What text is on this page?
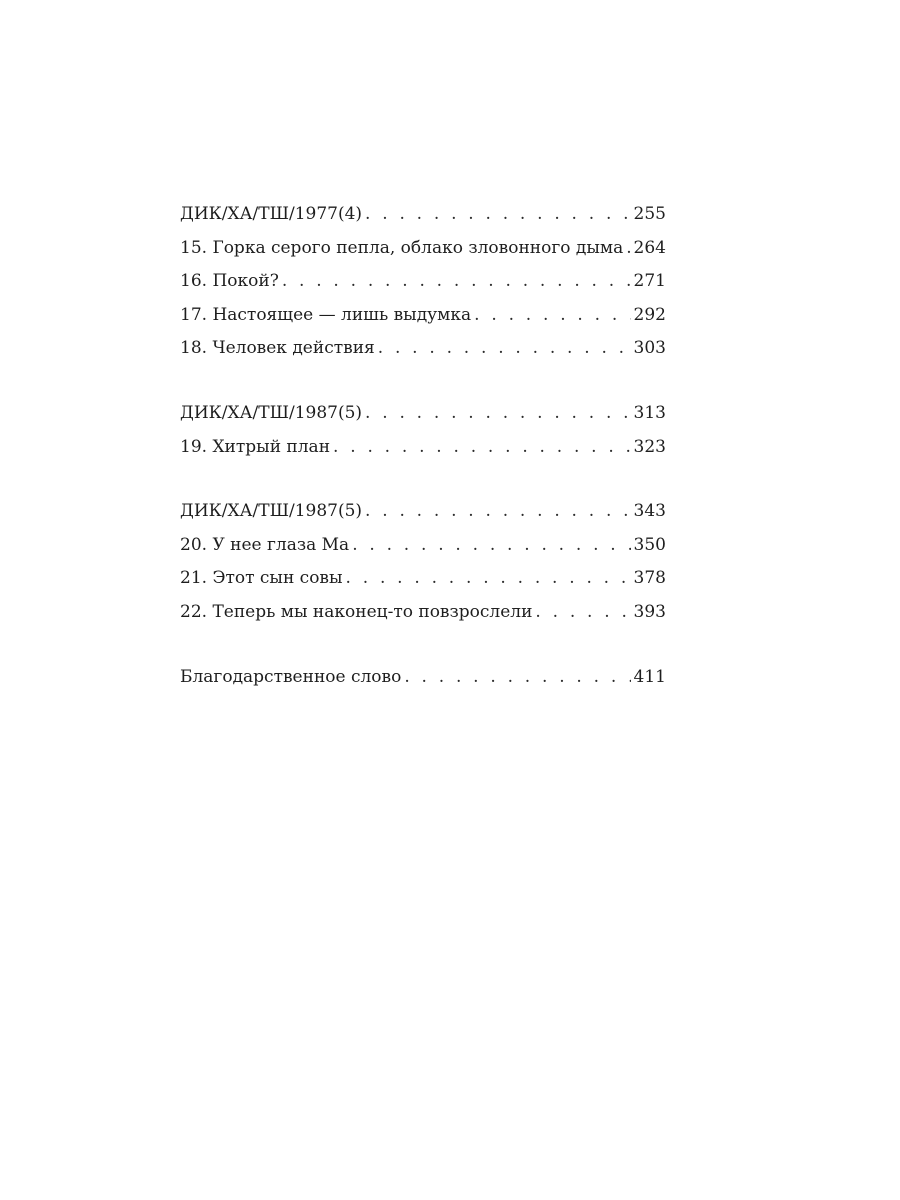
ДИК/ХА/ТШ/1977(4) . . .	255
15. Горка серого пепла, облако зловонного дыма . . . 264
16. Покой? . . .	271
17. Настоящее — лишь выдумка . . .	292
18. Человек действия . . .	303
ДИК/ХА/ТШ/1987(5) . . .	313
19. Хитрый план . . .	323
ДИК/ХА/ТШ/1987(5) . . .	343
20. У нее глаза Ма . . .	350
21. Этот сын совы . . .	378
22. Теперь мы наконец-то повзрослели . . .	393
Благодарственное слово . . .	411
